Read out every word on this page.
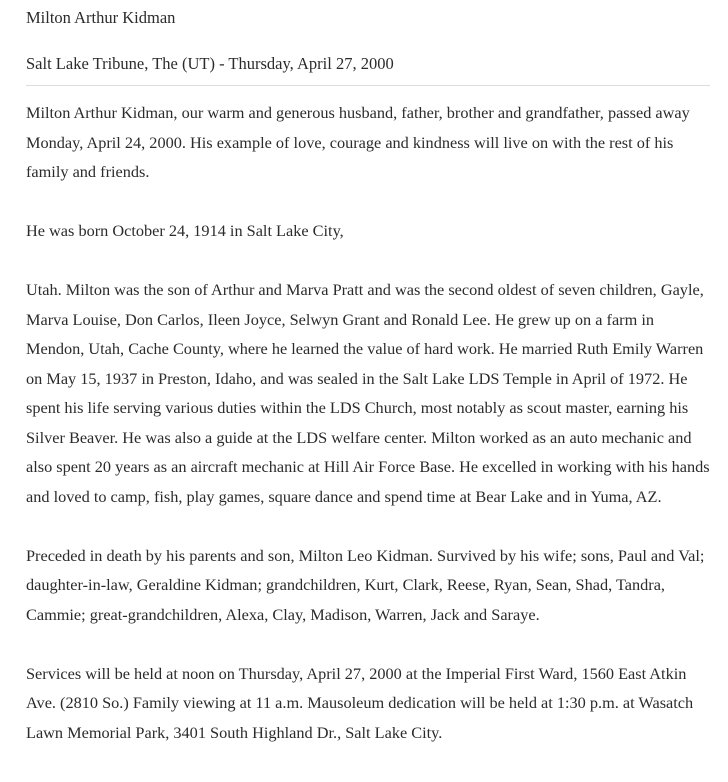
Milton Arthur Kidman
Salt Lake Tribune, The (UT) - Thursday, April 27, 2000

Milton Arthur Kidman, our warm and generous husband, father, brother and grandfather, passed away Monday, April 24, 2000. His example of love, courage and kindness will live on with the rest of his family and friends.

He was born October 24, 1914 in Salt Lake City,

Utah. Milton was the son of Arthur and Marva Pratt and was the second oldest of seven children, Gayle, Marva Louise, Don Carlos, Ileen Joyce, Selwyn Grant and Ronald Lee. He grew up on a farm in Mendon, Utah, Cache County, where he learned the value of hard work. He married Ruth Emily Warren on May 15, 1937 in Preston, Idaho, and was sealed in the Salt Lake LDS Temple in April of 1972. He spent his life serving various duties within the LDS Church, most notably as scout master, earning his Silver Beaver. He was also a guide at the LDS welfare center. Milton worked as an auto mechanic and also spent 20 years as an aircraft mechanic at Hill Air Force Base. He excelled in working with his hands and loved to camp, fish, play games, square dance and spend time at Bear Lake and in Yuma, AZ.

Preceded in death by his parents and son, Milton Leo Kidman. Survived by his wife; sons, Paul and Val; daughter-in-law, Geraldine Kidman; grandchildren, Kurt, Clark, Reese, Ryan, Sean, Shad, Tandra, Cammie; great-grandchildren, Alexa, Clay, Madison, Warren, Jack and Saraye.

Services will be held at noon on Thursday, April 27, 2000 at the Imperial First Ward, 1560 East Atkin Ave. (2810 So.) Family viewing at 11 a.m. Mausoleum dedication will be held at 1:30 p.m. at Wasatch Lawn Memorial Park, 3401 South Highland Dr., Salt Lake City.
